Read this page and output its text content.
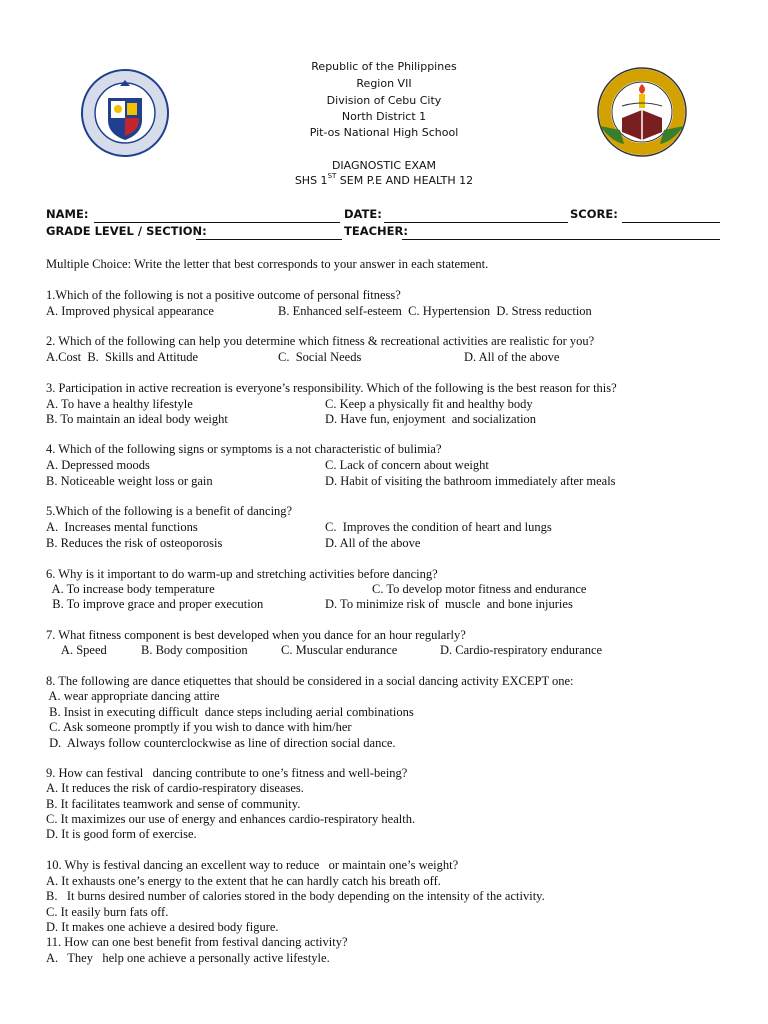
Republic of the Philippines
Region VII
Division of Cebu City
North District 1
Pit-os National High School
DIAGNOSTIC EXAM
SHS 1ST SEM P.E AND HEALTH 12
NAME:	DATE:	SCORE:
GRADE LEVEL / SECTION:	TEACHER:
Multiple Choice: Write the letter that best corresponds to your answer in each statement.
1.Which of the following is not a positive outcome of personal fitness?
A. Improved physical appearance	B. Enhanced self-esteem  C. Hypertension  D. Stress reduction
2. Which of the following can help you determine which fitness & recreational activities are realistic for you?
A.Cost  B.  Skills and Attitude	C.  Social Needs	D. All of the above
3. Participation in active recreation is everyone’s responsibility. Which of the following is the best reason for this?
A. To have a healthy lifestyle	C. Keep a physically fit and healthy body
B. To maintain an ideal body weight	D. Have fun, enjoyment  and socialization
4. Which of the following signs or symptoms is a not characteristic of bulimia?
A. Depressed moods	C. Lack of concern about weight
B. Noticeable weight loss or gain	D. Habit of visiting the bathroom immediately after meals
5.Which of the following is a benefit of dancing?
A.  Increases mental functions	C.  Improves the condition of heart and lungs
B. Reduces the risk of osteoporosis	D. All of the above
6. Why is it important to do warm-up and stretching activities before dancing?
A. To increase body temperature	C. To develop motor fitness and endurance
B. To improve grace and proper execution	D. To minimize risk of  muscle  and bone injuries
7. What fitness component is best developed when you dance for an hour regularly?
A. Speed	B. Body composition	C. Muscular endurance	D. Cardio-respiratory endurance
8. The following are dance etiquettes that should be considered in a social dancing activity EXCEPT one:
A. wear appropriate dancing attire
B. Insist in executing difficult  dance steps including aerial combinations
C. Ask someone promptly if you wish to dance with him/her
D.  Always follow counterclockwise as line of direction social dance.
9. How can festival   dancing contribute to one’s fitness and well-being?
A. It reduces the risk of cardio-respiratory diseases.
B. It facilitates teamwork and sense of community.
C. It maximizes our use of energy and enhances cardio-respiratory health.
D. It is good form of exercise.
10. Why is festival dancing an excellent way to reduce   or maintain one’s weight?
A. It exhausts one’s energy to the extent that he can hardly catch his breath off.
B.   It burns desired number of calories stored in the body depending on the intensity of the activity.
C. It easily burn fats off.
D. It makes one achieve a desired body figure.
11. How can one best benefit from festival dancing activity?
A.   They   help one achieve a personally active lifestyle.
